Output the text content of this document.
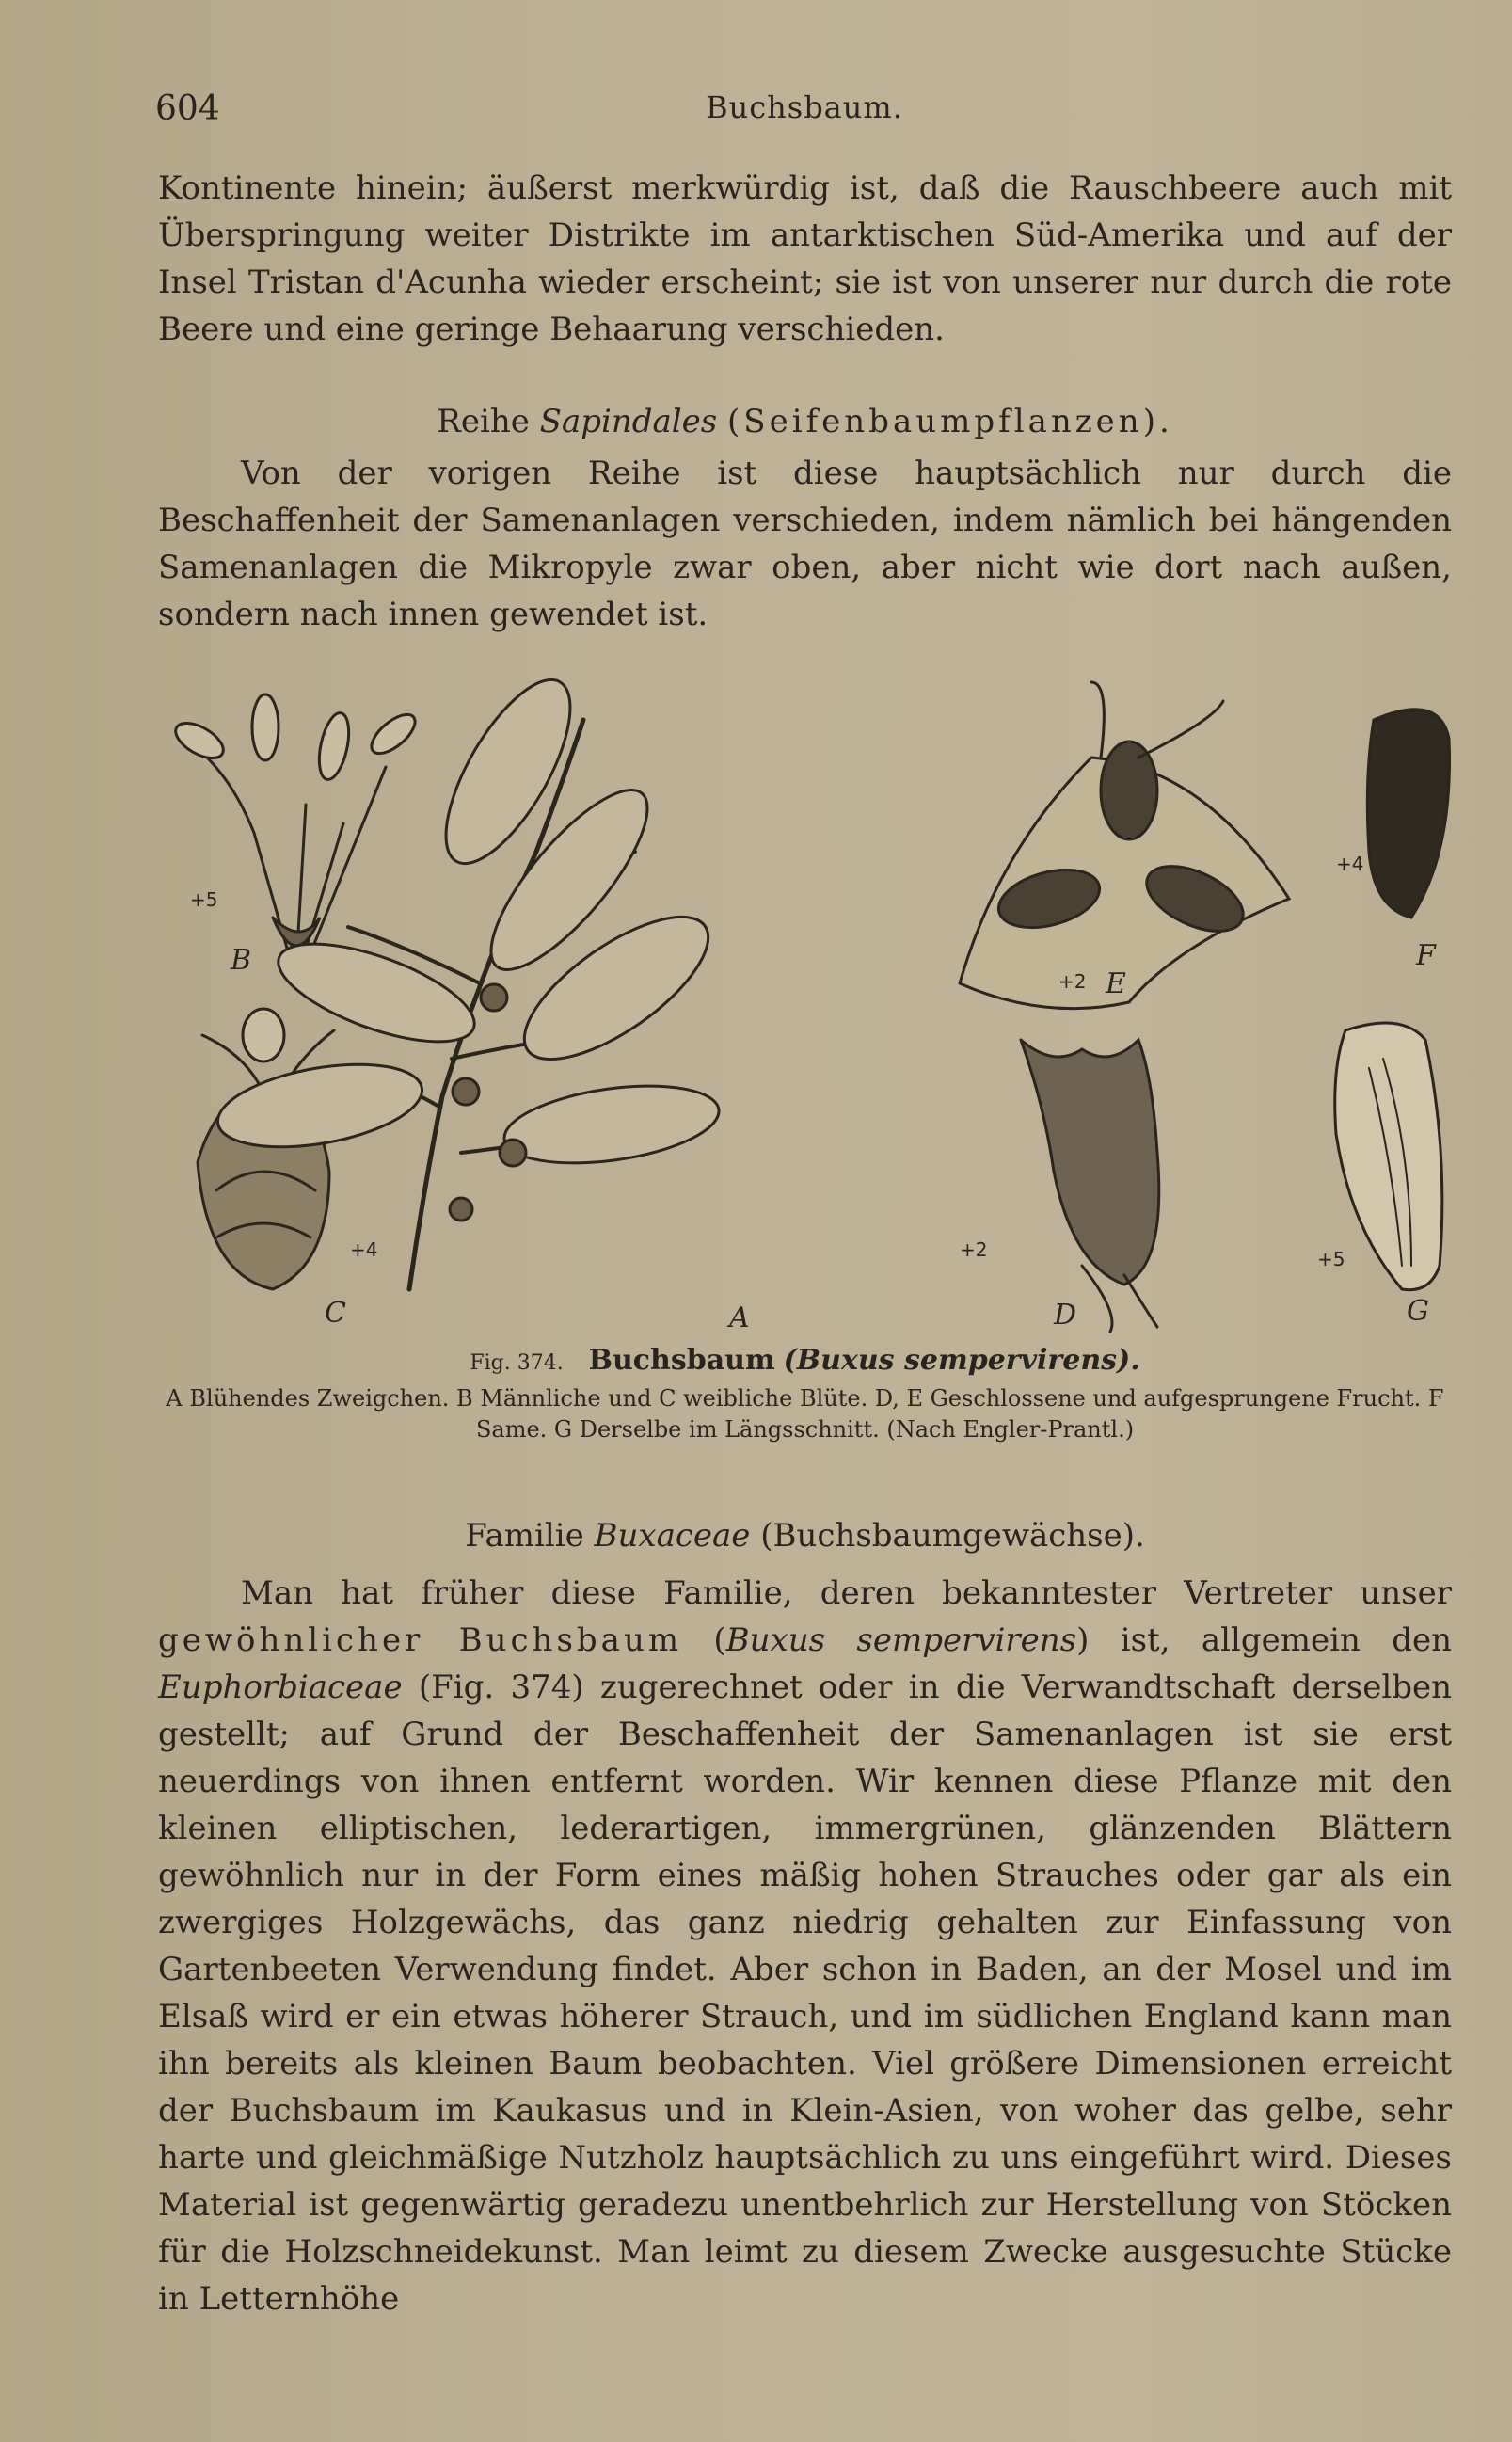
604	Buchsbaum.

Kontinente hinein; äußerst merkwürdig ist, daß die Rauschbeere auch mit Überspringung weiter Distrikte im antarktischen Süd-Amerika und auf der Insel Tristan d'Acunha wieder erscheint; sie ist von unserer nur durch die rote Beere und eine geringe Behaarung verschieden.

Reihe Sapindales (Seifenbaumpflanzen).

Von der vorigen Reihe ist diese hauptsächlich nur durch die Beschaffenheit der Samenanlagen verschieden, indem nämlich bei hängenden Samenanlagen die Mikropyle zwar oben, aber nicht wie dort nach außen, sondern nach innen gewendet ist.

B
+5
C
+4
A
E
+2
F
+4
D
+2
G
+5
Fig. 374. Buchsbaum (Buxus sempervirens).
A Blühendes Zweigchen. B Männliche und C weibliche Blüte. D, E Geschlossene und aufgesprungene Frucht. F Same. G Derselbe im Längsschnitt. (Nach Engler-Prantl.)
Familie Buxaceae (Buchsbaumgewächse).

Man hat früher diese Familie, deren bekanntester Vertreter unser gewöhnlicher Buchsbaum (Buxus sempervirens) ist, allgemein den Euphorbiaceae (Fig. 374) zugerechnet oder in die Verwandtschaft derselben gestellt; auf Grund der Beschaffenheit der Samenanlagen ist sie erst neuerdings von ihnen entfernt worden. Wir kennen diese Pflanze mit den kleinen elliptischen, lederartigen, immergrünen, glänzenden Blättern gewöhnlich nur in der Form eines mäßig hohen Strauches oder gar als ein zwergiges Holzgewächs, das ganz niedrig gehalten zur Einfassung von Gartenbeeten Verwendung findet. Aber schon in Baden, an der Mosel und im Elsaß wird er ein etwas höherer Strauch, und im südlichen England kann man ihn bereits als kleinen Baum beobachten. Viel größere Dimensionen erreicht der Buchsbaum im Kaukasus und in Klein-Asien, von woher das gelbe, sehr harte und gleichmäßige Nutzholz hauptsächlich zu uns eingeführt wird. Dieses Material ist gegenwärtig geradezu unentbehrlich zur Herstellung von Stöcken für die Holzschneidekunst. Man leimt zu diesem Zwecke ausgesuchte Stücke in Letternhöhe
